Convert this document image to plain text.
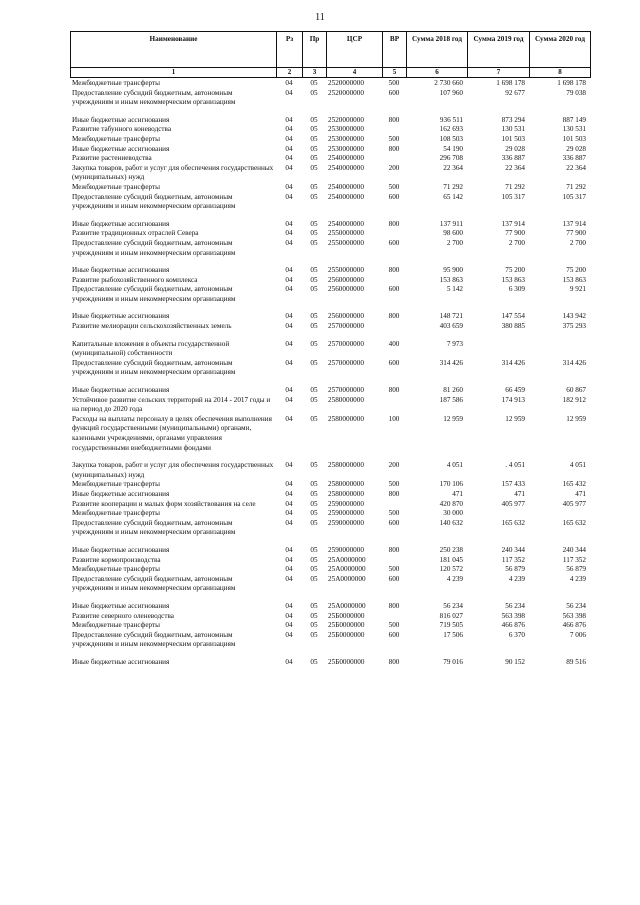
11
Наименование	Рз	Пр	ЦСР	ВР	Сумма 2018 год	Сумма 2019 год	Сумма 2020 год
1	2	3	4	5	6	7	8
Межбюджетные трансферты	04	05	2520000000	500	2 730 660	1 698 178	1 698 178
Предоставление субсидий бюджетным, автономным учреждениям и иным некоммерческим организациям	04	05	2520000000	600	107 960	92 677	79 038

Иные бюджетные ассигнования	04	05	2520000000	800	936 511	873 294	887 149
Развитие табунного коневодства	04	05	2530000000		162 693	130 531	130 531
Межбюджетные трансферты	04	05	2530000000	500	108 503	101 503	101 503
Иные бюджетные ассигнования	04	05	2530000000	800	54 190	29 028	29 028
Развитие растениеводства	04	05	2540000000		296 708	336 887	336 887
Закупка товаров, работ и услуг для обеспечения государственных (муниципальных) нужд	04	05	2540000000	200	22 364	22 364	22 364
Межбюджетные трансферты	04	05	2540000000	500	71 292	71 292	71 292
Предоставление субсидий бюджетным, автономным учреждениям и иным некоммерческим организациям	04	05	2540000000	600	65 142	105 317	105 317

Иные бюджетные ассигнования	04	05	2540000000	800	137 911	137 914	137 914
Развитие традиционных отраслей Севера	04	05	2550000000		98 600	77 900	77 900
Предоставление субсидий бюджетным, автономным учреждениям и иным некоммерческим организациям	04	05	2550000000	600	2 700	2 700	2 700

Иные бюджетные ассигнования	04	05	2550000000	800	95 900	75 200	75 200
Развитие рыбохозяйственного комплекса	04	05	2560000000		153 863	153 863	153 863
Предоставление субсидий бюджетным, автономным учреждениям и иным некоммерческим организациям	04	05	2560000000	600	5 142	6 309	9 921

Иные бюджетные ассигнования	04	05	2560000000	800	148 721	147 554	143 942
Развитие мелиорации сельскохозяйственных земель	04	05	2570000000		403 659	380 885	375 293

Капитальные вложения в объекты государственной (муниципальной) собственности	04	05	2570000000	400	7 973		
Предоставление субсидий бюджетным, автономным учреждениям и иным некоммерческим организациям	04	05	2570000000	600	314 426	314 426	314 426

Иные бюджетные ассигнования	04	05	2570000000	800	81 260	66 459	60 867
Устойчивое развитие сельских территорий на 2014 - 2017 годы и на период до 2020 года	04	05	2580000000		187 586	174 913	182 912
Расходы на выплаты персоналу в целях обеспечения выполнения функций государственными (муниципальными) органами, казенными учреждениями, органами управления государственными внебюджетными фондами	04	05	2580000000	100	12 959	12 959	12 959

Закупка товаров, работ и услуг для обеспечения государственных (муниципальных) нужд	04	05	2580000000	200	4 051	. 4 051	4 051
Межбюджетные трансферты	04	05	2580000000	500	170 106	157 433	165 432
Иные бюджетные ассигнования	04	05	2580000000	800	471	471	471
Развитие кооперации и малых форм хозяйствования на селе	04	05	2590000000		420 870	405 977	405 977
Межбюджетные трансферты	04	05	2590000000	500	30 000		
Предоставление субсидий бюджетным, автономным учреждениям и иным некоммерческим организациям	04	05	2590000000	600	140 632	165 632	165 632

Иные бюджетные ассигнования	04	05	2590000000	800	250 238	240 344	240 344
Развитие кормопроизводства	04	05	25A0000000		181 045	117 352	117 352
Межбюджетные трансферты	04	05	25A0000000	500	120 572	56 879	56 879
Предоставление субсидий бюджетным, автономным учреждениям и иным некоммерческим организациям	04	05	25A0000000	600	4 239	4 239	4 239

Иные бюджетные ассигнования	04	05	25A0000000	800	56 234	56 234	56 234
Развитие северного оленеводства	04	05	25Б0000000		816 027	563 398	563 398
Межбюджетные трансферты	04	05	25Б0000000	500	719 505	466 876	466 876
Предоставление субсидий бюджетным, автономным учреждениям и иным некоммерческим организациям	04	05	25Б0000000	600	17 506	6 370	7 006

Иные бюджетные ассигнования	04	05	25Б0000000	800	79 016	90 152	89 516
